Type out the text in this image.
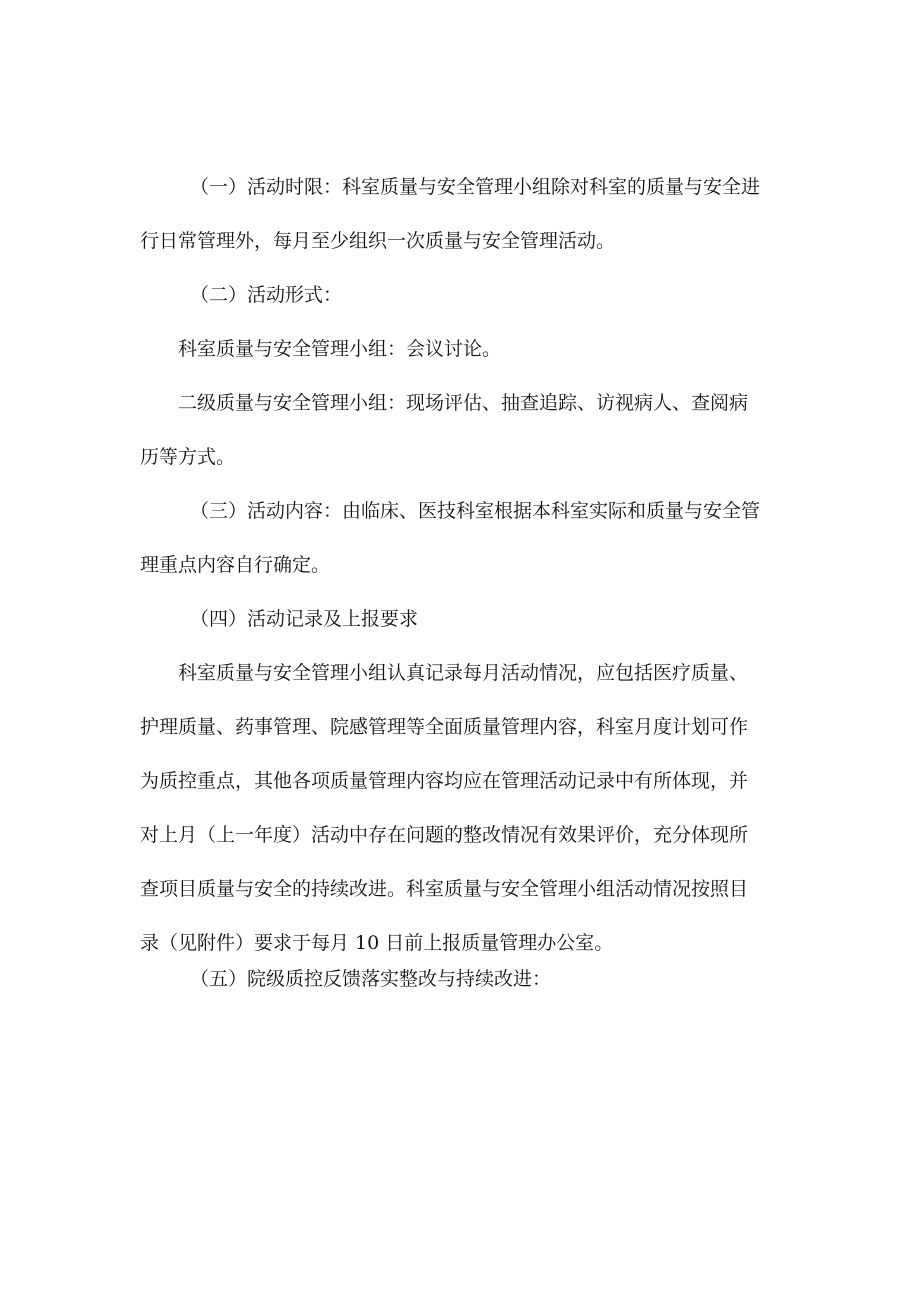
（一）活动时限：科室质量与安全管理小组除对科室的质量与安全进
行日常管理外，每月至少组织一次质量与安全管理活动。
（二）活动形式：
科室质量与安全管理小组：会议讨论。
二级质量与安全管理小组：现场评估、抽查追踪、访视病人、查阅病
历等方式。
（三）活动内容：由临床、医技科室根据本科室实际和质量与安全管
理重点内容自行确定。
（四）活动记录及上报要求
科室质量与安全管理小组认真记录每月活动情况，应包括医疗质量、
护理质量、药事管理、院感管理等全面质量管理内容，科室月度计划可作
为质控重点，其他各项质量管理内容均应在管理活动记录中有所体现，并
对上月（上一年度）活动中存在问题的整改情况有效果评价，充分体现所
查项目质量与安全的持续改进。科室质量与安全管理小组活动情况按照目
录（见附件）要求于每月 10 日前上报质量管理办公室。
（五）院级质控反馈落实整改与持续改进：
